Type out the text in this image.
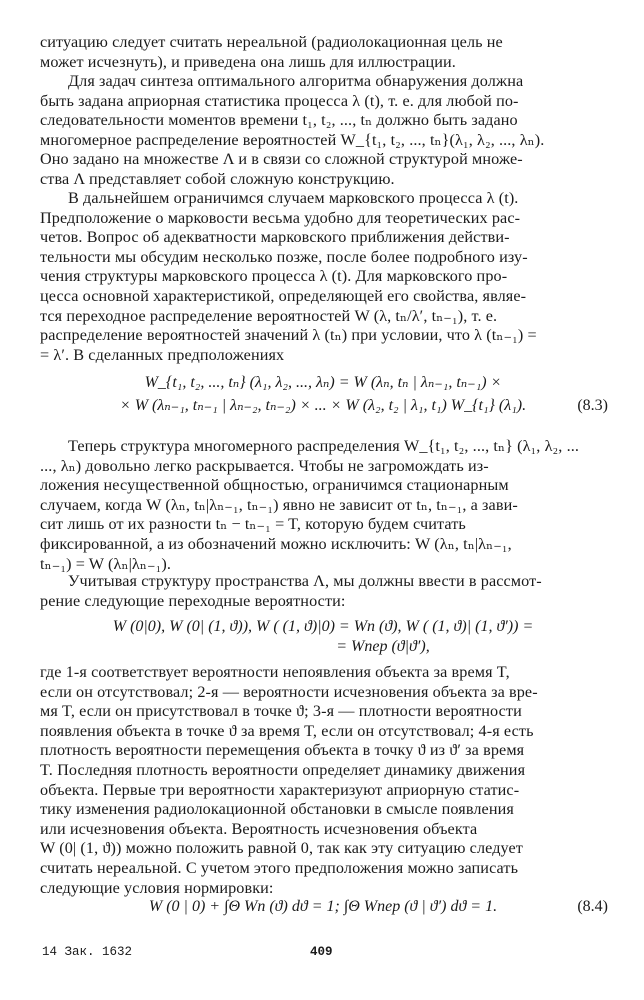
ситуацию следует считать нереальной (радиолокационная цель не
может исчезнуть), и приведена она лишь для иллюстрации.

Для задач синтеза оптимального алгоритма обнаружения должна
быть задана априорная статистика процесса λ (t), т. е. для любой по-
следовательности моментов времени t₁, t₂, ..., tₙ должно быть задано
многомерное распределение вероятностей W_{t₁, t₂, ..., tₙ}(λ₁, λ₂, ..., λₙ).
Оно задано на множестве Λ и в связи со сложной структурой множе-
ства Λ представляет собой сложную конструкцию.

В дальнейшем ограничимся случаем марковского процесса λ (t).
Предположение о марковости весьма удобно для теоретических рас-
четов. Вопрос об адекватности марковского приближения действи-
тельности мы обсудим несколько позже, после более подробного изу-
чения структуры марковского процесса λ (t). Для марковского про-
цесса основной характеристикой, определяющей его свойства, являе-
тся переходное распределение вероятностей W (λ, tₙ/λ′, tₙ₋₁), т. е.
распределение вероятностей значений λ (tₙ) при условии, что λ (tₙ₋₁) =
= λ′. В сделанных предположениях

W_{t₁, t₂, ..., tₙ} (λ₁, λ₂, ..., λₙ) = W (λₙ, tₙ | λₙ₋₁, tₙ₋₁) ×
× W (λₙ₋₁, tₙ₋₁ | λₙ₋₂, tₙ₋₂) × ... × W (λ₂, t₂ | λ₁, t₁) W_{t₁} (λ₁).	(8.3)

Теперь структура многомерного распределения W_{t₁, t₂, ..., tₙ} (λ₁, λ₂, ...
..., λₙ) довольно легко раскрывается. Чтобы не загромождать из-
ложения несущественной общностью, ограничимся стационарным
случаем, когда W (λₙ, tₙ|λₙ₋₁, tₙ₋₁) явно не зависит от tₙ, tₙ₋₁, а зави-
сит лишь от их разности tₙ − tₙ₋₁ = T, которую будем считать
фиксированной, а из обозначений можно исключить: W (λₙ, tₙ|λₙ₋₁,
tₙ₋₁) = W (λₙ|λₙ₋₁).

Учитывая структуру пространства Λ, мы должны ввести в рассмот-
рение следующие переходные вероятности:

W (0|0), W (0| (1, ϑ)), W ( (1, ϑ)|0) = Wп (ϑ), W ( (1, ϑ)| (1, ϑ′)) =
= Wпер (ϑ|ϑ′),

где 1-я соответствует вероятности непоявления объекта за время T,
если он отсутствовал; 2-я — вероятности исчезновения объекта за вре-
мя T, если он присутствовал в точке ϑ; 3-я — плотности вероятности
появления объекта в точке ϑ за время T, если он отсутствовал; 4-я есть
плотность вероятности перемещения объекта в точку ϑ из ϑ′ за время
T. Последняя плотность вероятности определяет динамику движения
объекта. Первые три вероятности характеризуют априорную статис-
тику изменения радиолокационной обстановки в смысле появления
или исчезновения объекта. Вероятность исчезновения объекта
W (0| (1, ϑ)) можно положить равной 0, так как эту ситуацию следует
считать нереальной. С учетом этого предположения можно записать
следующие условия нормировки:

W (0 | 0) + ∫Θ Wп (ϑ) dϑ = 1; ∫Θ Wпер (ϑ | ϑ′) dϑ = 1.	(8.4)
14 Зак. 1632	409
